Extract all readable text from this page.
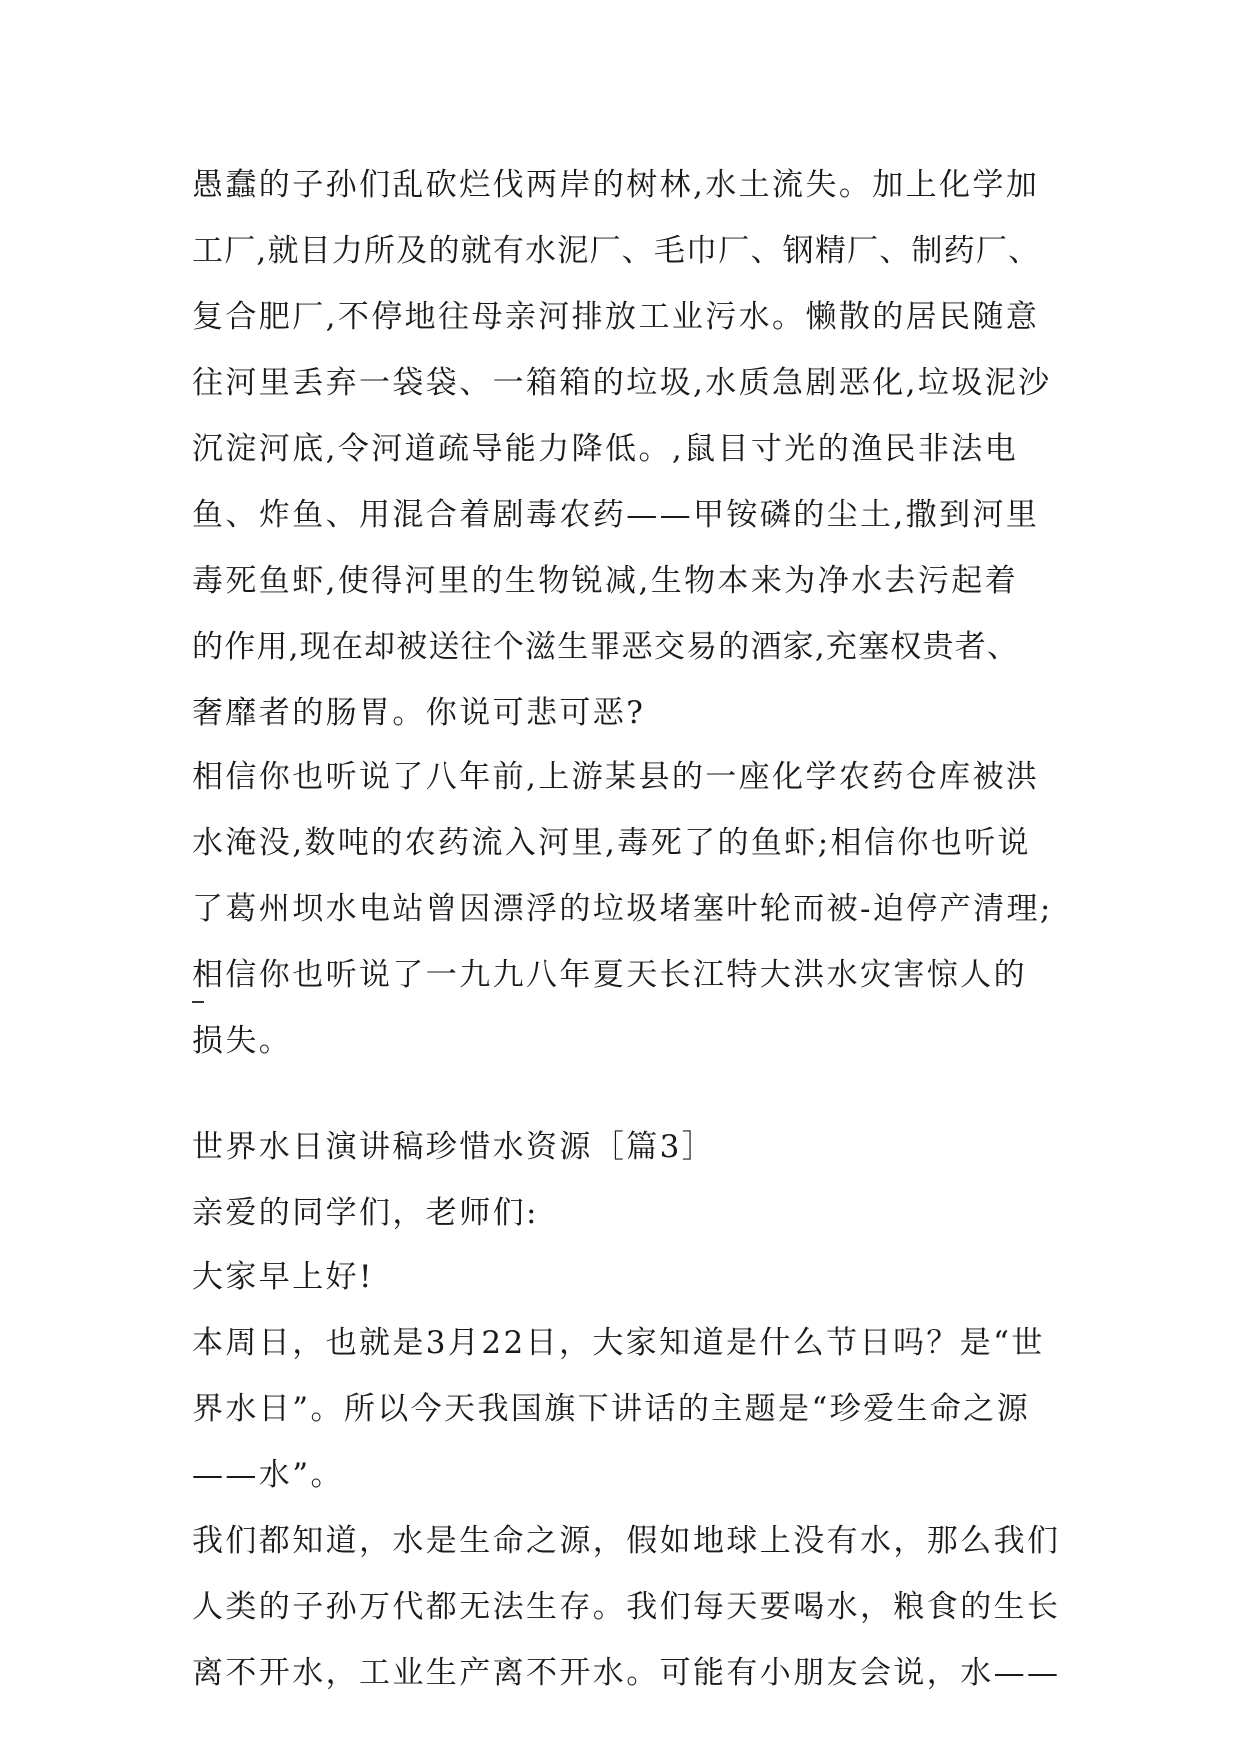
愚蠢的子孙们乱砍烂伐两岸的树林,水土流失。加上化学加

工厂,就目力所及的就有水泥厂、毛巾厂、钢精厂、制药厂、

复合肥厂,不停地往母亲河排放工业污水。懒散的居民随意

往河里丢弃一袋袋、一箱箱的垃圾,水质急剧恶化,垃圾泥沙

沉淀河底,令河道疏导能力降低。,鼠目寸光的渔民非法电

鱼、炸鱼、用混合着剧毒农药——甲铵磷的尘土,撒到河里

毒死鱼虾,使得河里的生物锐减,生物本来为净水去污起着

的作用,现在却被送往个滋生罪恶交易的酒家,充塞权贵者、

奢靡者的肠胃。你说可悲可恶?

相信你也听说了八年前,上游某县的一座化学农药仓库被洪

水淹没,数吨的农药流入河里,毒死了的鱼虾;相信你也听说

了葛州坝水电站曾因漂浮的垃圾堵塞叶轮而被-迫停产清理;

相信你也听说了一九九八年夏天长江特大洪水灾害惊人的

损失。

世界水日演讲稿珍惜水资源［篇3］

亲爱的同学们，老师们:

大家早上好!

本周日，也就是3月22日，大家知道是什么节日吗？是“世

界水日”。所以今天我国旗下讲话的主题是“珍爱生命之源

——水”。

我们都知道，水是生命之源，假如地球上没有水，那么我们

人类的子孙万代都无法生存。我们每天要喝水，粮食的生长

离不开水，工业生产离不开水。可能有小朋友会说，水——
